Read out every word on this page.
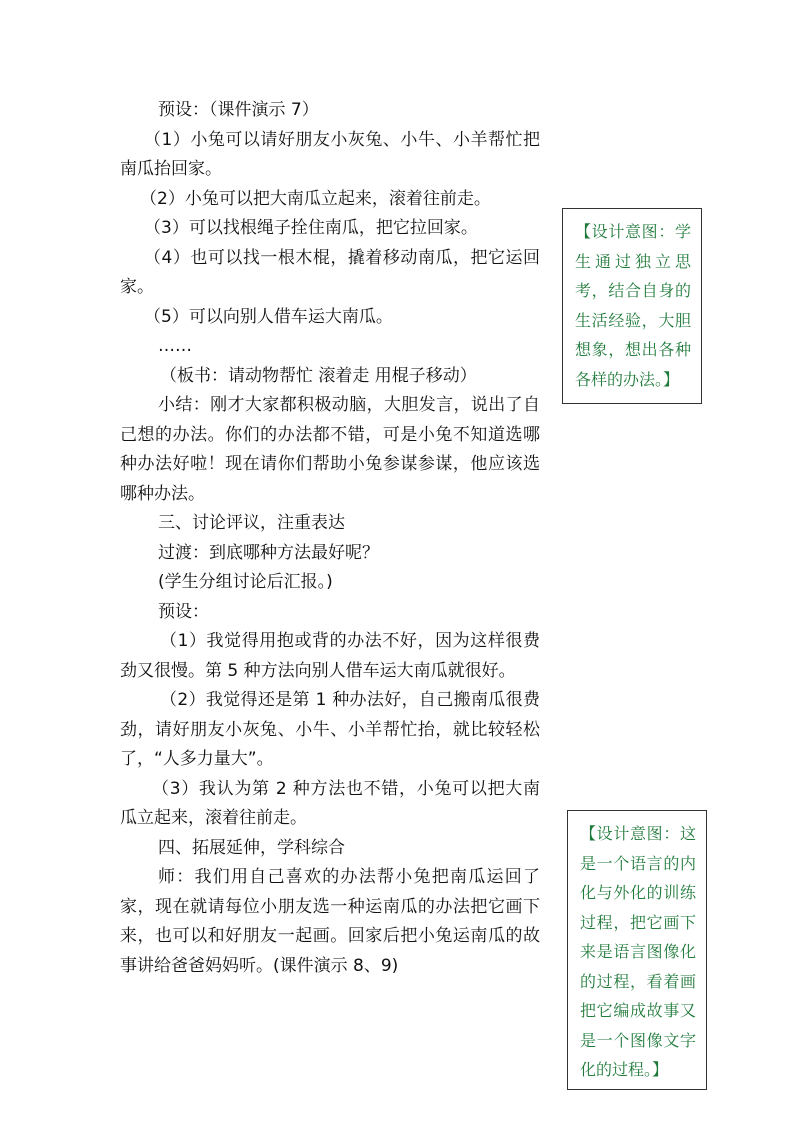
预设：（课件演示 7）

（1）小兔可以请好朋友小灰兔、小牛、小羊帮忙把南瓜抬回家。

（2）小兔可以把大南瓜立起来，滚着往前走。

（3）可以找根绳子拴住南瓜，把它拉回家。

（4）也可以找一根木棍，撬着移动南瓜，把它运回家。

（5）可以向别人借车运大南瓜。

……

（板书：请动物帮忙 滚着走 用棍子移动）

小结：刚才大家都积极动脑，大胆发言，说出了自己想的办法。你们的办法都不错，可是小兔不知道选哪种办法好啦！现在请你们帮助小兔参谋参谋，他应该选哪种办法。

三、讨论评议，注重表达

过渡：到底哪种方法最好呢？

(学生分组讨论后汇报。)

预设：

（1）我觉得用抱或背的办法不好，因为这样很费劲又很慢。第 5 种方法向别人借车运大南瓜就很好。

（2）我觉得还是第 1 种办法好，自己搬南瓜很费劲，请好朋友小灰兔、小牛、小羊帮忙抬，就比较轻松了，“人多力量大”。

（3）我认为第 2 种方法也不错，小兔可以把大南瓜立起来，滚着往前走。

四、拓展延伸，学科综合

师：我们用自己喜欢的办法帮小兔把南瓜运回了家，现在就请每位小朋友选一种运南瓜的办法把它画下来，也可以和好朋友一起画。回家后把小兔运南瓜的故事讲给爸爸妈妈听。(课件演示 8、9)

【设计意图：学生通过独立思考，结合自身的生活经验，大胆想象，想出各种各样的办法。】
【设计意图：这是一个语言的内化与外化的训练过程，把它画下来是语言图像化的过程，看着画把它编成故事又是一个图像文字化的过程。】
